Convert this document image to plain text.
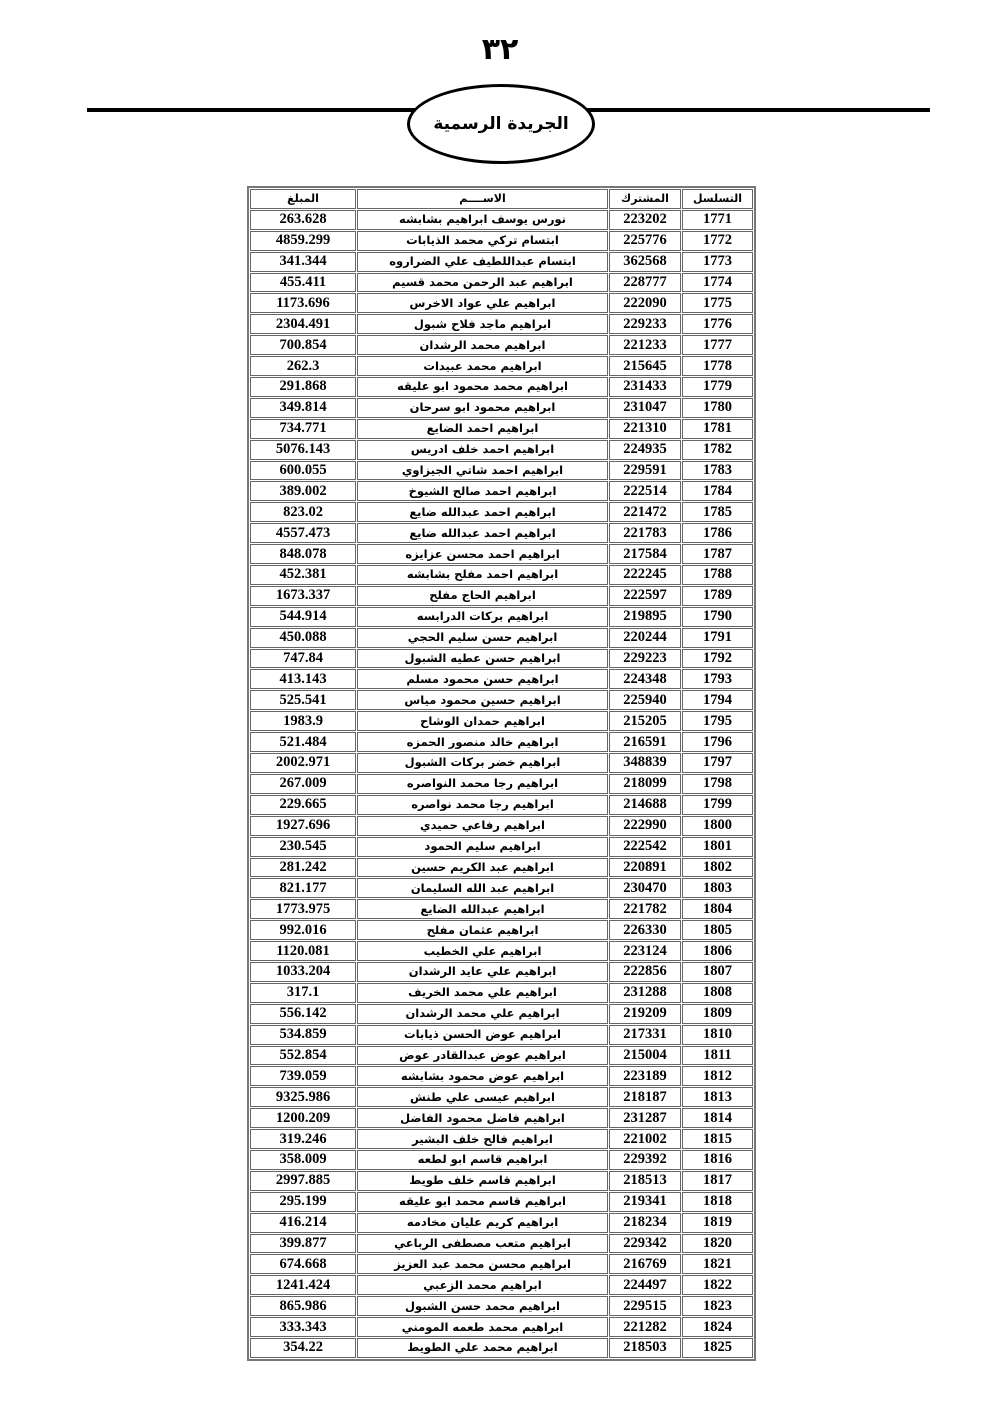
٣٢
الجريدة الرسمية
التسلسل	المشترك	الاســــم	المبلغ
1771	223202	نورس يوسف ابراهيم بشابشه	263.628
1772	225776	ابتسام تركي محمد الذيابات	4859.299
1773	362568	ابتسام عبداللطيف علي الضراروه	341.344
1774	228777	ابراهيم عبد الرحمن محمد قسيم	455.411
1775	222090	ابراهيم علي عواد الاخرس	1173.696
1776	229233	ابراهيم ماجد فلاح شبول	2304.491
1777	221233	ابراهيم محمد الرشدان	700.854
1778	215645	ابراهيم محمد عبيدات	262.3
1779	231433	ابراهيم محمد محمود ابو عليقه	291.868
1780	231047	ابراهيم محمود ابو سرحان	349.814
1781	221310	ابراهيم احمد الضايع	734.771
1782	224935	ابراهيم احمد خلف ادريس	5076.143
1783	229591	ابراهيم احمد شاتي الجيزاوي	600.055
1784	222514	ابراهيم احمد صالح الشيوخ	389.002
1785	221472	ابراهيم احمد عبدالله ضايع	823.02
1786	221783	ابراهيم احمد عبدالله ضايع	4557.473
1787	217584	ابراهيم احمد محسن عزايزه	848.078
1788	222245	ابراهيم احمد مفلح بشابشه	452.381
1789	222597	ابراهيم الحاج مفلح	1673.337
1790	219895	ابراهيم بركات الدرابسه	544.914
1791	220244	ابراهيم حسن سليم الحجي	450.088
1792	229223	ابراهيم حسن عطيه الشبول	747.84
1793	224348	ابراهيم حسن محمود مسلم	413.143
1794	225940	ابراهيم حسين محمود مياس	525.541
1795	215205	ابراهيم حمدان الوشاح	1983.9
1796	216591	ابراهيم خالد منصور الحمزه	521.484
1797	348839	ابراهيم خضر بركات الشبول	2002.971
1798	218099	ابراهيم رجا محمد النواصره	267.009
1799	214688	ابراهيم رجا محمد نواصره	229.665
1800	222990	ابراهيم رفاعي حميدي	1927.696
1801	222542	ابراهيم سليم الحمود	230.545
1802	220891	ابراهيم عبد الكريم حسين	281.242
1803	230470	ابراهيم عبد الله السليمان	821.177
1804	221782	ابراهيم عبدالله الضايع	1773.975
1805	226330	ابراهيم عثمان مفلح	992.016
1806	223124	ابراهيم علي الخطيب	1120.081
1807	222856	ابراهيم علي عايد الرشدان	1033.204
1808	231288	ابراهيم علي محمد الخريف	317.1
1809	219209	ابراهيم علي محمد الرشدان	556.142
1810	217331	ابراهيم عوض الحسن ذيابات	534.859
1811	215004	ابراهيم عوض عبدالقادر عوض	552.854
1812	223189	ابراهيم عوض محمود بشابشه	739.059
1813	218187	ابراهيم عيسى علي طنش	9325.986
1814	231287	ابراهيم فاضل محمود الفاضل	1200.209
1815	221002	ابراهيم فالح خلف البشير	319.246
1816	229392	ابراهيم قاسم ابو لطعه	358.009
1817	218513	ابراهيم قاسم خلف طويط	2997.885
1818	219341	ابراهيم قاسم محمد ابو عليقه	295.199
1819	218234	ابراهيم كريم عليان مخادمه	416.214
1820	229342	ابراهيم متعب مصطفى الرباعي	399.877
1821	216769	ابراهيم محسن محمد عبد العزيز	674.668
1822	224497	ابراهيم محمد الزعبي	1241.424
1823	229515	ابراهيم محمد حسن الشبول	865.986
1824	221282	ابراهيم محمد طعمه المومني	333.343
1825	218503	ابراهيم محمد علي الطويط	354.22
